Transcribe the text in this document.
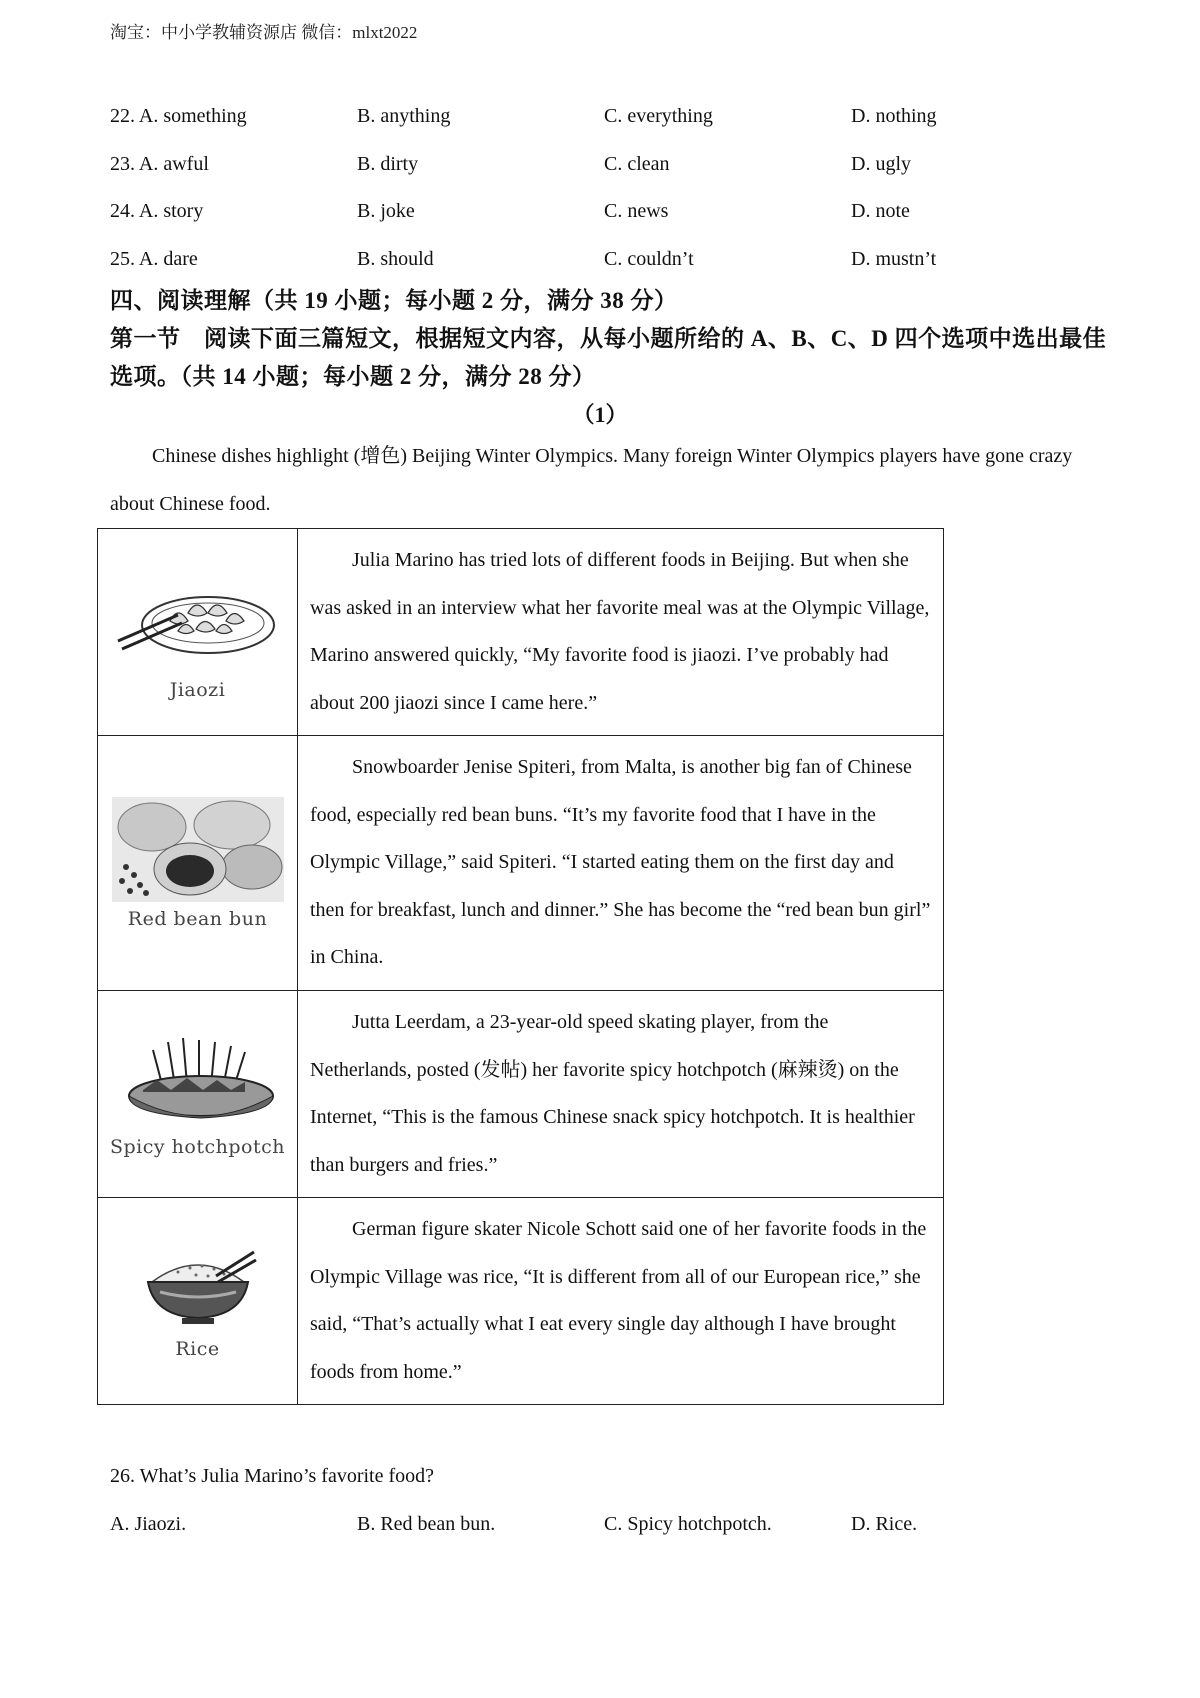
淘宝：中小学教辅资源店 微信：mlxt2022
22. A. something	B. anything	C. everything	D. nothing
23. A. awful	B. dirty	C. clean	D. ugly
24. A. story	B. joke	C. news	D. note
25. A. dare	B. should	C. couldn’t	D. mustn’t
四、阅读理解（共 19 小题；每小题 2 分，满分 38 分）
第一节　阅读下面三篇短文，根据短文内容，从每小题所给的 A、B、C、D 四个选项中选出最佳选项。（共 14 小题；每小题 2 分，满分 28 分）
（1）
Chinese dishes highlight (增色) Beijing Winter Olympics. Many foreign Winter Olympics players have gone crazy about Chinese food.
Jiaozi	Julia Marino has tried lots of different foods in Beijing. But when she was asked in an interview what her favorite meal was at the Olympic Village, Marino answered quickly, “My favorite food is jiaozi. I’ve probably had about 200 jiaozi since I came here.”

Red bean bun	Snowboarder Jenise Spiteri, from Malta, is another big fan of Chinese food, especially red bean buns. “It’s my favorite food that I have in the Olympic Village,” said Spiteri. “I started eating them on the first day and then for breakfast, lunch and dinner.” She has become the “red bean bun girl” in China.

Spicy hotchpotch	Jutta Leerdam, a 23-year-old speed skating player, from the Netherlands, posted (发帖) her favorite spicy hotchpotch (麻辣烫) on the Internet, “This is the famous Chinese snack spicy hotchpotch. It is healthier than burgers and fries.”

Rice	German figure skater Nicole Schott said one of her favorite foods in the Olympic Village was rice, “It is different from all of our European rice,” she said, “That’s actually what I eat every single day although I have brought foods from home.”
26. What’s Julia Marino’s favorite food?
A. Jiaozi.	B. Red bean bun.	C. Spicy hotchpotch.	D. Rice.
